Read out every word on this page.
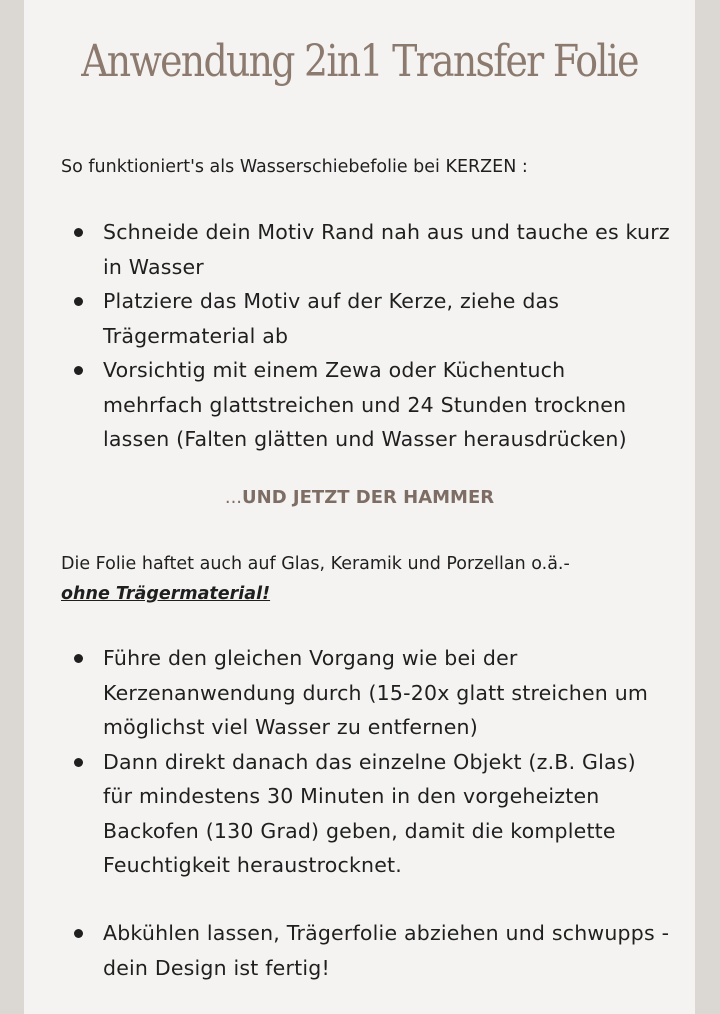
Anwendung 2in1 Transfer Folie

So funktioniert's als Wasserschiebefolie bei KERZEN :

Schneide dein Motiv Rand nah aus und tauche es kurz in Wasser
Platziere das Motiv auf der Kerze, ziehe das Trägermaterial ab
Vorsichtig mit einem Zewa oder Küchentuch mehrfach glattstreichen und 24 Stunden trocknen lassen (Falten glätten und Wasser herausdrücken)

...UND JETZT DER HAMMER

Die Folie haftet auch auf Glas, Keramik und Porzellan o.ä.-
ohne Trägermaterial!

Führe den gleichen Vorgang wie bei der Kerzenanwendung durch (15-20x glatt streichen um möglichst viel Wasser zu entfernen)
Dann direkt danach das einzelne Objekt (z.B. Glas) für mindestens 30 Minuten in den vorgeheizten Backofen (130 Grad) geben, damit die komplette Feuchtigkeit heraustrocknet.
Abkühlen lassen, Trägerfolie abziehen und schwupps - dein Design ist fertig!
